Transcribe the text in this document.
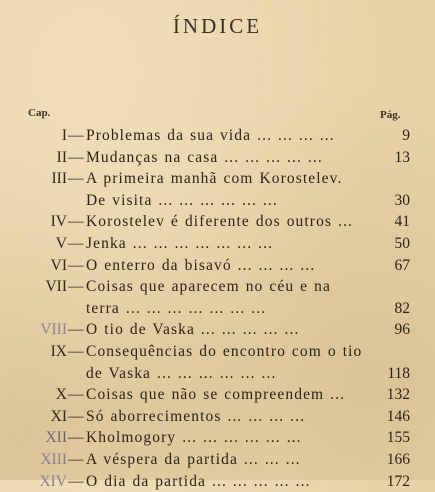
ÍNDICE
Cap.	Pág.
I — Problemas da sua vida ... ... ... ...	9
II — Mudanças na casa ... ... ... ... ...	13
III — A primeira manhã com Korostelev.
De visita ... ... ... ... ... ...	30
IV — Korostelev é diferente dos outros ...	41
V — Jenka ... ... ... ... ... ... ...	50
VI — O enterro da bisavó ... ... ... ...	67
VII — Coisas que aparecem no céu e na
terra ... ... ... ... ... ... ...	82
VIII — O tio de Vaska ... ... ... ... ...	96
IX — Consequências do encontro com o tio
de Vaska ... ... ... ... ... ...	118
X — Coisas que não se compreendem ...	132
XI — Só aborrecimentos ... ... ... ...	146
XII — Kholmogory ... ... ... ... ... ...	155
XIII — A véspera da partida ... ... ...	166
XIV — O dia da partida ... ... ... ... ...	172
